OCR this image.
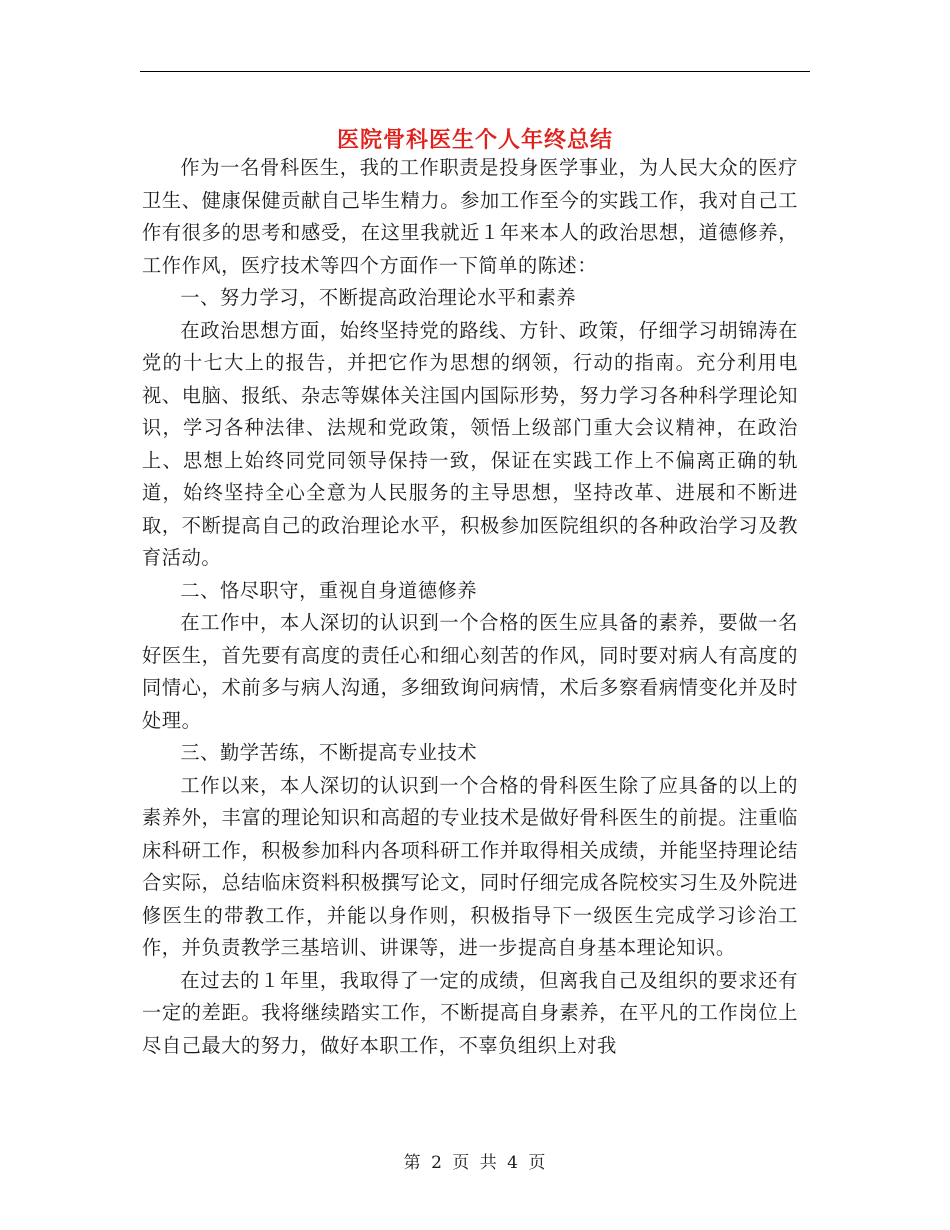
医院骨科医生个人年终总结

作为一名骨科医生，我的工作职责是投身医学事业，为人民大众的医疗卫生、健康保健贡献自己毕生精力。参加工作至今的实践工作，我对自己工作有很多的思考和感受，在这里我就近１年来本人的政治思想，道德修养，工作作风，医疗技术等四个方面作一下简单的陈述：

一、努力学习，不断提高政治理论水平和素养

在政治思想方面，始终坚持党的路线、方针、政策，仔细学习胡锦涛在党的十七大上的报告，并把它作为思想的纲领，行动的指南。充分利用电视、电脑、报纸、杂志等媒体关注国内国际形势，努力学习各种科学理论知识，学习各种法律、法规和党政策，领悟上级部门重大会议精神，在政治上、思想上始终同党同领导保持一致，保证在实践工作上不偏离正确的轨道，始终坚持全心全意为人民服务的主导思想，坚持改革、进展和不断进取，不断提高自己的政治理论水平，积极参加医院组织的各种政治学习及教育活动。

二、恪尽职守，重视自身道德修养

在工作中，本人深切的认识到一个合格的医生应具备的素养，要做一名好医生，首先要有高度的责任心和细心刻苦的作风，同时要对病人有高度的同情心，术前多与病人沟通，多细致询问病情，术后多察看病情变化并及时处理。

三、勤学苦练，不断提高专业技术

工作以来，本人深切的认识到一个合格的骨科医生除了应具备的以上的素养外，丰富的理论知识和高超的专业技术是做好骨科医生的前提。注重临床科研工作，积极参加科内各项科研工作并取得相关成绩，并能坚持理论结合实际，总结临床资料积极撰写论文，同时仔细完成各院校实习生及外院进修医生的带教工作，并能以身作则，积极指导下一级医生完成学习诊治工作，并负责教学三基培训、讲课等，进一步提高自身基本理论知识。

在过去的１年里，我取得了一定的成绩，但离我自己及组织的要求还有一定的差距。我将继续踏实工作，不断提高自身素养，在平凡的工作岗位上尽自己最大的努力，做好本职工作，不辜负组织上对我

第 2 页 共 4 页
